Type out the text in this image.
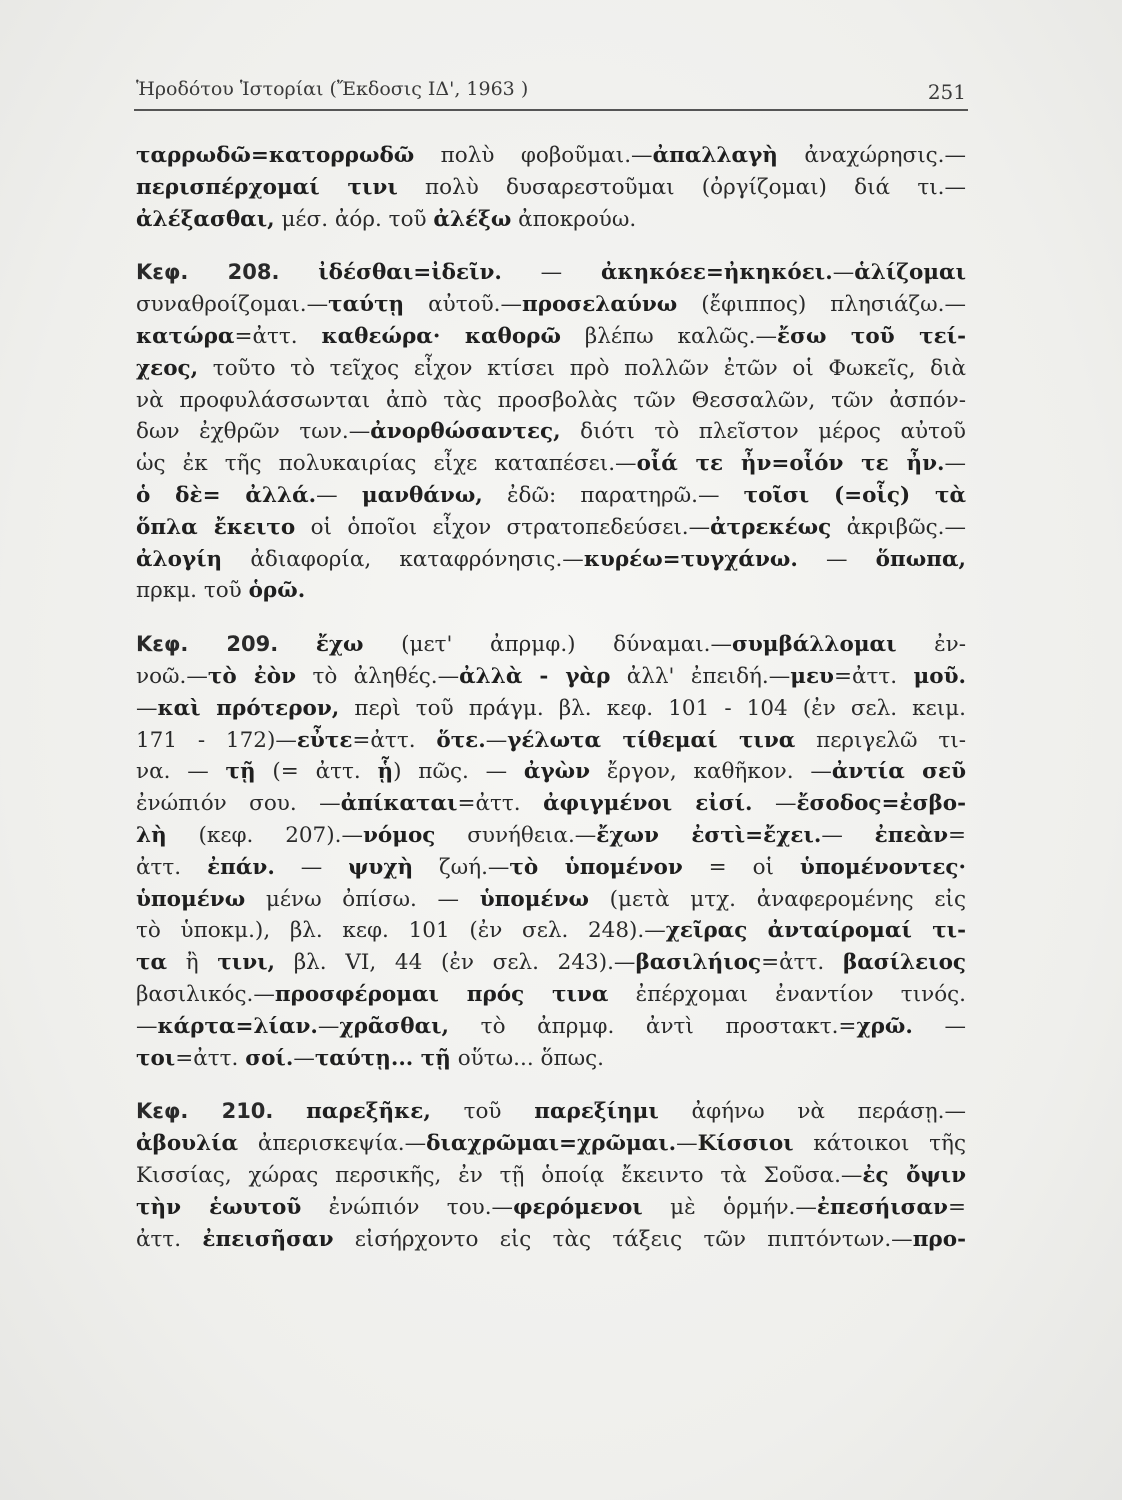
Ἡροδότου Ἱστορίαι (Ἔκδοσις ΙΔ', 1963 )	251
ταρρωδῶ=κατορρωδῶ πολὺ φοβοῦμαι.—ἀπαλλαγὴ ἀναχώρησις.—
περισπέρχομαί τινι πολὺ δυσαρεστοῦμαι (ὀργίζομαι) διά τι.—
ἀλέξασθαι, μέσ. ἀόρ. τοῦ ἀλέξω ἀποκρούω.
Κεφ. 208. ἰδέσθαι=ἰδεῖν. — ἀκηκόεε=ἠκηκόει.—ἁλίζομαι
συναθροίζομαι.—ταύτῃ αὐτοῦ.—προσελαύνω (ἔφιππος) πλησιάζω.—
κατώρα=ἀττ. καθεώρα· καθορῶ βλέπω καλῶς.—ἔσω τοῦ τεί-
χεος, τοῦτο τὸ τεῖχος εἶχον κτίσει πρὸ πολλῶν ἐτῶν οἱ Φωκεῖς, διὰ
νὰ προφυλάσσωνται ἀπὸ τὰς προσβολὰς τῶν Θεσσαλῶν, τῶν ἀσπόν-
δων ἐχθρῶν των.—ἀνορθώσαντες, διότι τὸ πλεῖστον μέρος αὐτοῦ
ὡς ἐκ τῆς πολυκαιρίας εἶχε καταπέσει.—οἷά τε ἦν=οἷόν τε ἦν.—
ὁ δὲ= ἀλλά.— μανθάνω, ἐδῶ: παρατηρῶ.— τοῖσι (=οἷς) τὰ
ὅπλα ἔκειτο οἱ ὁποῖοι εἶχον στρατοπεδεύσει.—ἀτρεκέως ἀκριβῶς.—
ἀλογίη ἀδιαφορία, καταφρόνησις.—κυρέω=τυγχάνω. — ὅπωπα,
πρκμ. τοῦ ὁρῶ.
Κεφ. 209. ἔχω (μετ' ἀπρμφ.) δύναμαι.—συμβάλλομαι ἐν-
νοῶ.—τὸ ἐὸν τὸ ἀληθές.—ἀλλὰ - γὰρ ἀλλ' ἐπειδή.—μευ=ἀττ. μοῦ.
—καὶ πρότερον, περὶ τοῦ πράγμ. βλ. κεφ. 101 - 104 (ἐν σελ. κειμ.
171 - 172)—εὖτε=ἀττ. ὅτε.—γέλωτα τίθεμαί τινα περιγελῶ τι-
να. — τῇ (= ἀττ. ᾗ) πῶς. — ἀγὼν ἔργον, καθῆκον. —ἀντία σεῦ
ἐνώπιόν σου. —ἀπίκαται=ἀττ. ἀφιγμένοι εἰσί. —ἔσοδος=ἐσβο-
λὴ (κεφ. 207).—νόμος συνήθεια.—ἔχων ἐστὶ=ἔχει.— ἐπεὰν=
ἀττ. ἐπάν. — ψυχὴ ζωή.—τὸ ὑπομένον = οἱ ὑπομένοντες·
ὑπομένω μένω ὀπίσω. — ὑπομένω (μετὰ μτχ. ἀναφερομένης εἰς
τὸ ὑποκμ.), βλ. κεφ. 101 (ἐν σελ. 248).—χεῖρας ἀνταίρομαί τι-
τα ἢ τινι, βλ. VI, 44 (ἐν σελ. 243).—βασιλήιος=ἀττ. βασίλειος
βασιλικός.—προσφέρομαι πρός τινα ἐπέρχομαι ἐναντίον τινός.
—κάρτα=λίαν.—χρᾶσθαι, τὸ ἀπρμφ. ἀντὶ προστακτ.=χρῶ. —
τοι=ἀττ. σοί.—ταύτῃ... τῇ οὕτω... ὅπως.
Κεφ. 210. παρεξῆκε, τοῦ παρεξίημι ἀφήνω νὰ περάσῃ.—
ἀβουλία ἀπερισκεψία.—διαχρῶμαι=χρῶμαι.—Κίσσιοι κάτοικοι τῆς
Κισσίας, χώρας περσικῆς, ἐν τῇ ὁποίᾳ ἔκειντο τὰ Σοῦσα.—ἐς ὄψιν
τὴν ἑωυτοῦ ἐνώπιόν του.—φερόμενοι μὲ ὁρμήν.—ἐπεσήισαν=
ἀττ. ἐπεισῆσαν εἰσήρχοντο εἰς τὰς τάξεις τῶν πιπτόντων.—προ-
